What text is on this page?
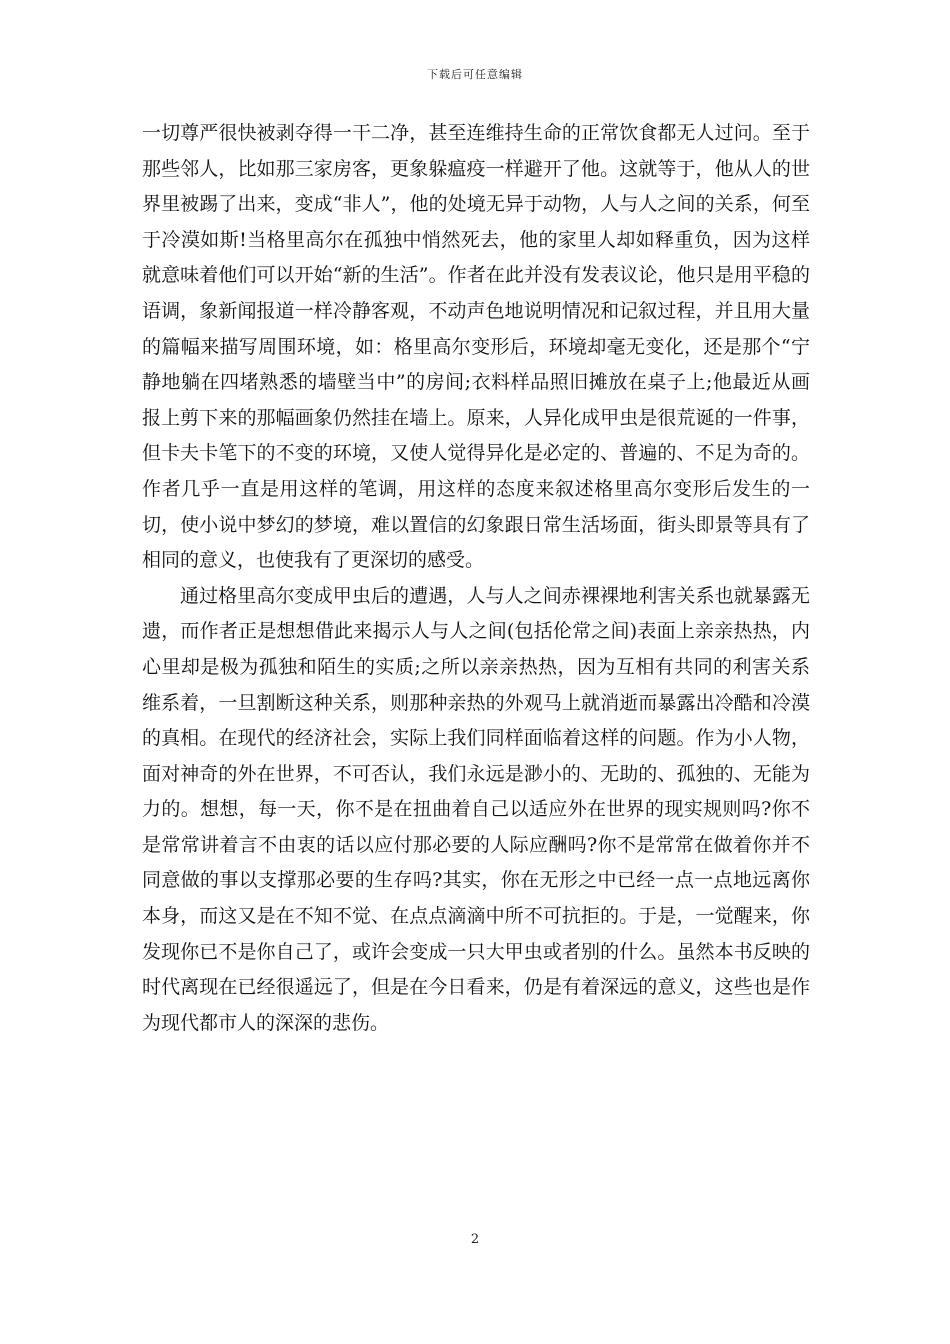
下载后可任意编辑

一切尊严很快被剥夺得一干二净，甚至连维持生命的正常饮食都无人过问。至于那些邻人，比如那三家房客，更象躲瘟疫一样避开了他。这就等于，他从人的世界里被踢了出来，变成“非人”，他的处境无异于动物，人与人之间的关系，何至于冷漠如斯!当格里高尔在孤独中悄然死去，他的家里人却如释重负，因为这样就意味着他们可以开始“新的生活”。作者在此并没有发表议论，他只是用平稳的语调，象新闻报道一样冷静客观，不动声色地说明情况和记叙过程，并且用大量的篇幅来描写周围环境，如：格里高尔变形后，环境却毫无变化，还是那个“宁静地躺在四堵熟悉的墙壁当中”的房间;衣料样品照旧摊放在桌子上;他最近从画报上剪下来的那幅画象仍然挂在墙上。原来，人异化成甲虫是很荒诞的一件事，但卡夫卡笔下的不变的环境，又使人觉得异化是必定的、普遍的、不足为奇的。作者几乎一直是用这样的笔调，用这样的态度来叙述格里高尔变形后发生的一切，使小说中梦幻的梦境，难以置信的幻象跟日常生活场面，街头即景等具有了相同的意义，也使我有了更深切的感受。

通过格里高尔变成甲虫后的遭遇，人与人之间赤裸裸地利害关系也就暴露无遗，而作者正是想想借此来揭示人与人之间(包括伦常之间)表面上亲亲热热，内心里却是极为孤独和陌生的实质;之所以亲亲热热，因为互相有共同的利害关系维系着，一旦割断这种关系，则那种亲热的外观马上就消逝而暴露出冷酷和冷漠的真相。在现代的经济社会，实际上我们同样面临着这样的问题。作为小人物，面对神奇的外在世界，不可否认，我们永远是渺小的、无助的、孤独的、无能为力的。想想，每一天，你不是在扭曲着自己以适应外在世界的现实规则吗?你不是常常讲着言不由衷的话以应付那必要的人际应酬吗?你不是常常在做着你并不同意做的事以支撑那必要的生存吗?其实，你在无形之中已经一点一点地远离你本身，而这又是在不知不觉、在点点滴滴中所不可抗拒的。于是，一觉醒来，你发现你已不是你自己了，或许会变成一只大甲虫或者别的什么。虽然本书反映的时代离现在已经很遥远了，但是在今日看来，仍是有着深远的意义，这些也是作为现代都市人的深深的悲伤。

2
